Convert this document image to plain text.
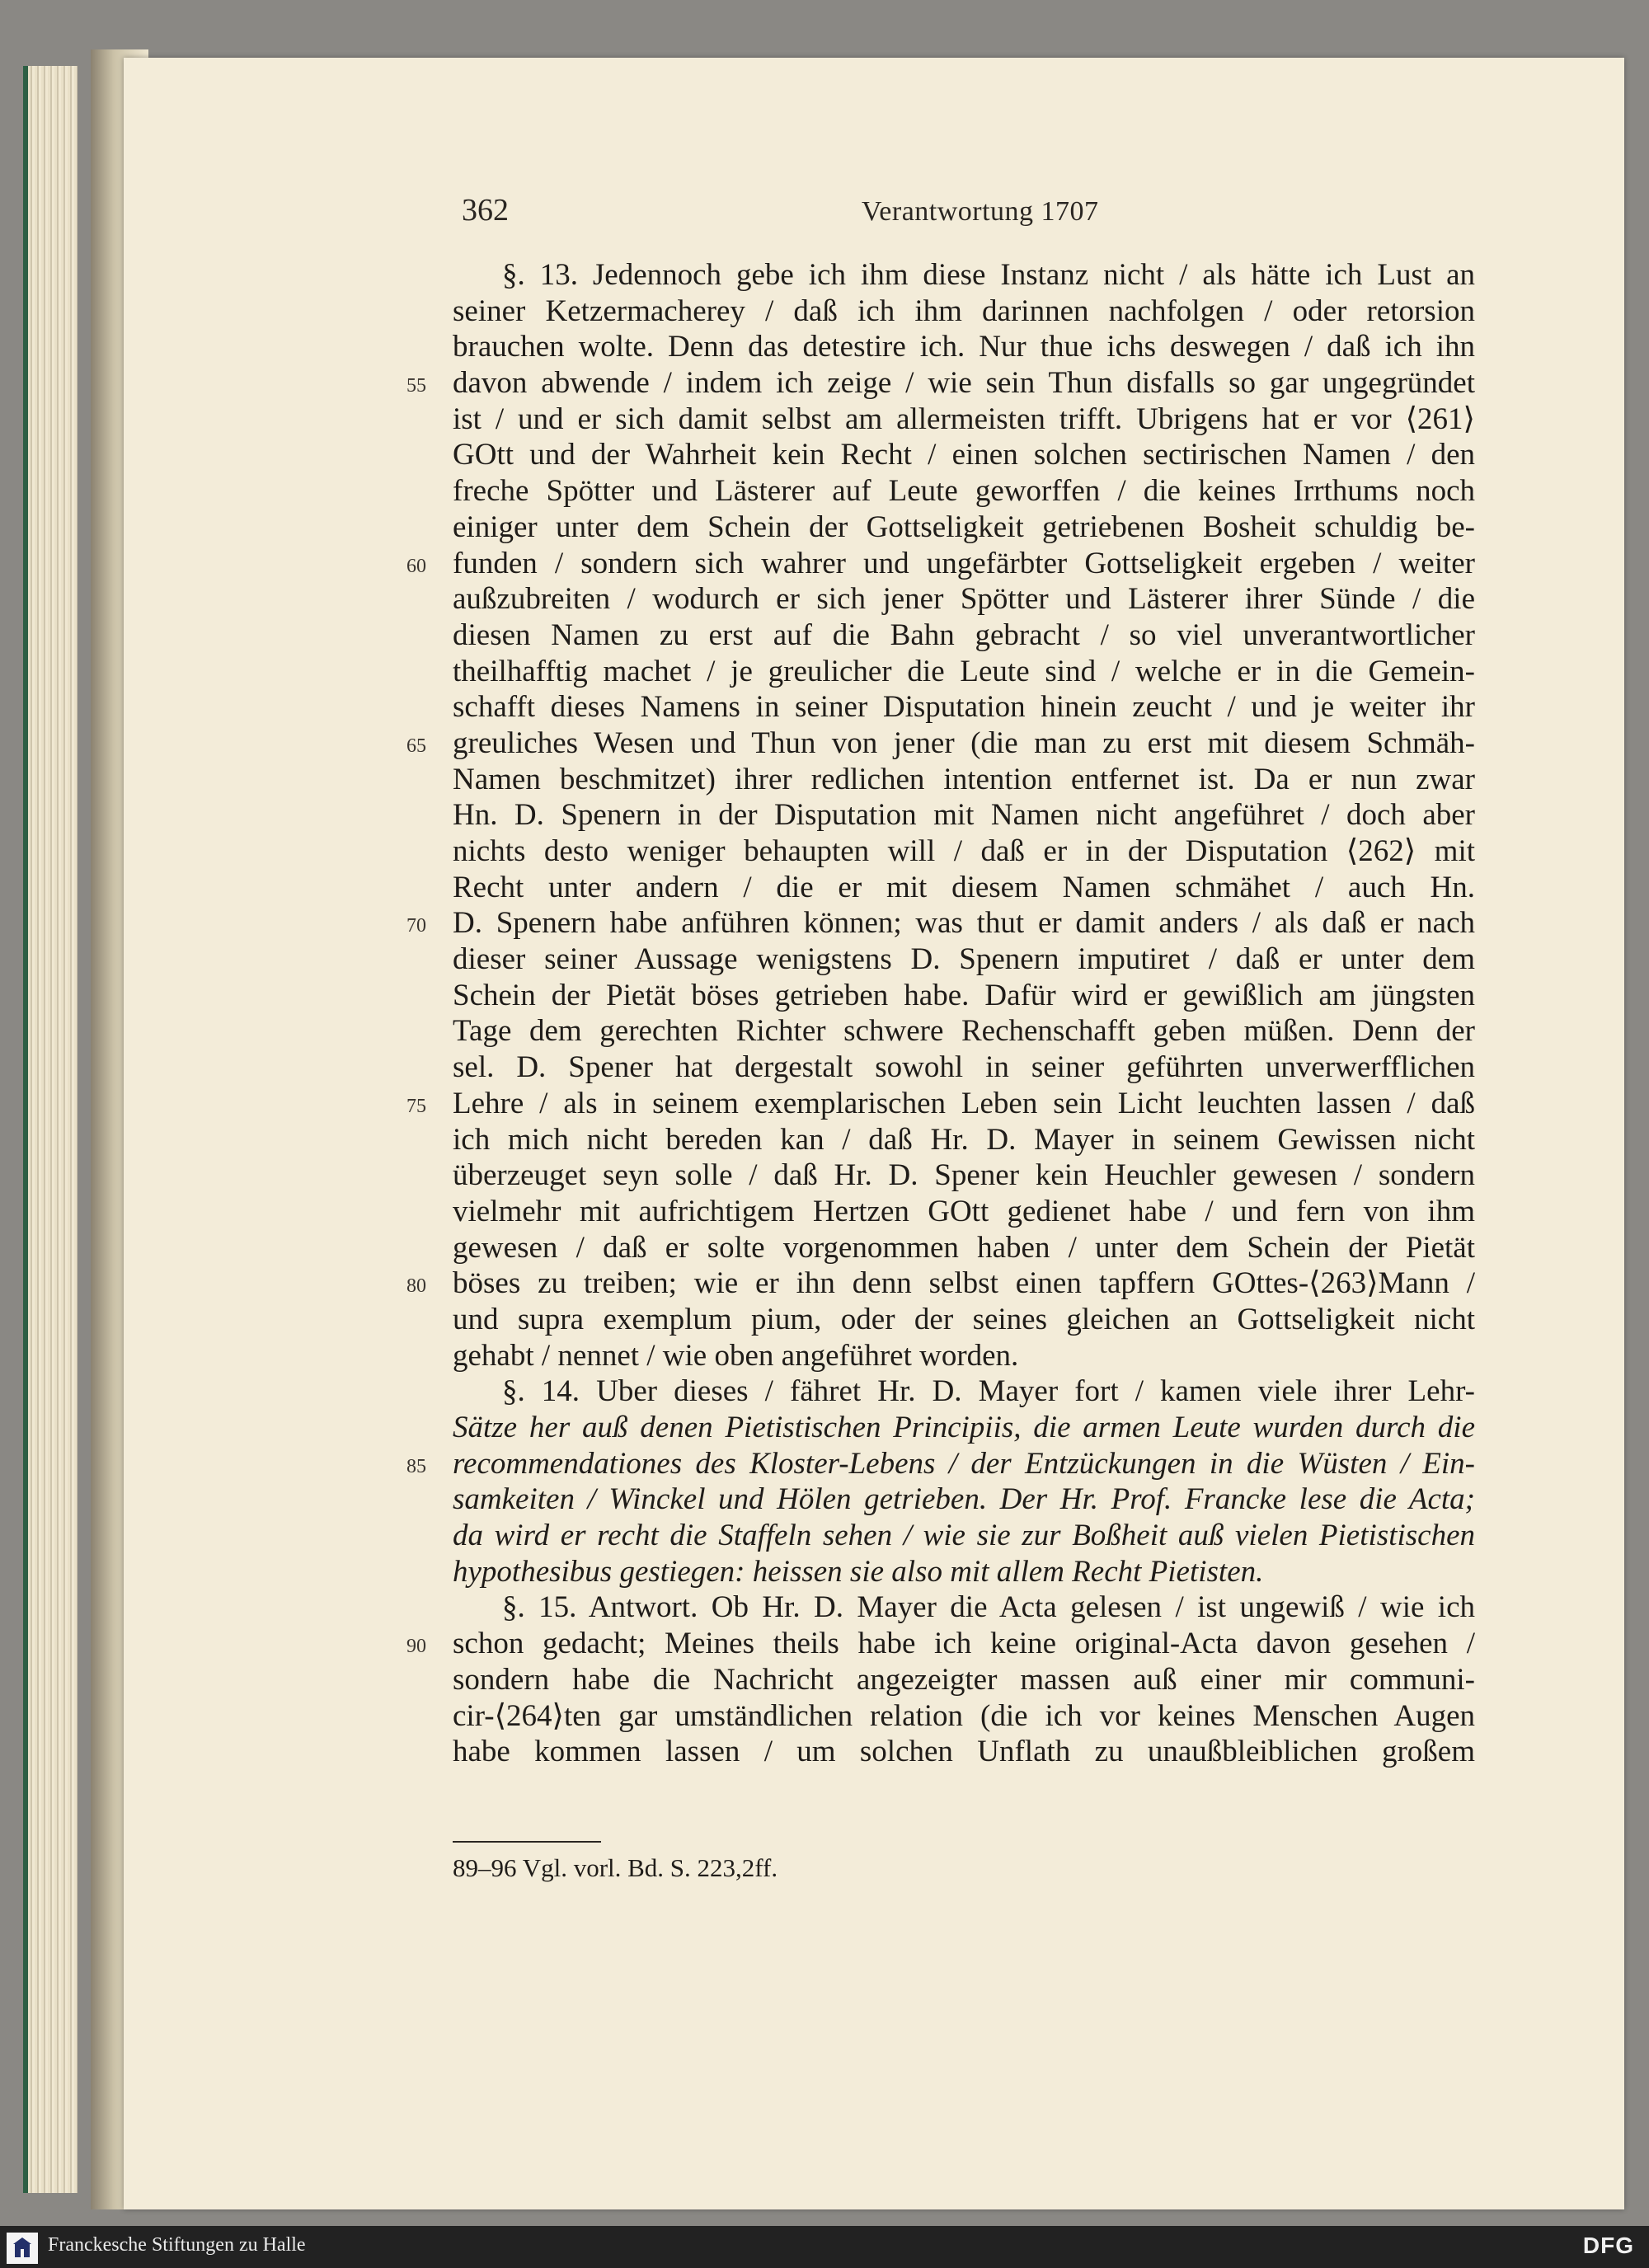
362	Verantwortung 1707
§. 13. Jedennoch gebe ich ihm diese Instanz nicht / als hätte ich Lust an
seiner Ketzermacherey / daß ich ihm darinnen nachfolgen / oder retorsion
brauchen wolte. Denn das detestire ich. Nur thue ichs deswegen / daß ich ihn
davon abwende / indem ich zeige / wie sein Thun disfalls so gar ungegründet
55
ist / und er sich damit selbst am allermeisten trifft. Ubrigens hat er vor ⟨261⟩
GOtt und der Wahrheit kein Recht / einen solchen sectirischen Namen / den
freche Spötter und Lästerer auf Leute geworffen / die keines Irrthums noch
einiger unter dem Schein der Gottseligkeit getriebenen Bosheit schuldig be-
funden / sondern sich wahrer und ungefärbter Gottseligkeit ergeben / weiter
60
außzubreiten / wodurch er sich jener Spötter und Lästerer ihrer Sünde / die
diesen Namen zu erst auf die Bahn gebracht / so viel unverantwortlicher
theilhafftig machet / je greulicher die Leute sind / welche er in die Gemein-
schafft dieses Namens in seiner Disputation hinein zeucht / und je weiter ihr
greuliches Wesen und Thun von jener (die man zu erst mit diesem Schmäh-
65
Namen beschmitzet) ihrer redlichen intention entfernet ist. Da er nun zwar
Hn. D. Spenern in der Disputation mit Namen nicht angeführet / doch aber
nichts desto weniger behaupten will / daß er in der Disputation ⟨262⟩ mit
Recht unter andern / die er mit diesem Namen schmähet / auch Hn.
D. Spenern habe anführen können; was thut er damit anders / als daß er nach
70
dieser seiner Aussage wenigstens D. Spenern imputiret / daß er unter dem
Schein der Pietät böses getrieben habe. Dafür wird er gewißlich am jüngsten
Tage dem gerechten Richter schwere Rechenschafft geben müßen. Denn der
sel. D. Spener hat dergestalt sowohl in seiner geführten unverwerfflichen
Lehre / als in seinem exemplarischen Leben sein Licht leuchten lassen / daß
75
ich mich nicht bereden kan / daß Hr. D. Mayer in seinem Gewissen nicht
überzeuget seyn solle / daß Hr. D. Spener kein Heuchler gewesen / sondern
vielmehr mit aufrichtigem Hertzen GOtt gedienet habe / und fern von ihm
gewesen / daß er solte vorgenommen haben / unter dem Schein der Pietät
böses zu treiben; wie er ihn denn selbst einen tapffern GOttes-⟨263⟩Mann /
80
und supra exemplum pium, oder der seines gleichen an Gottseligkeit nicht
gehabt / nennet / wie oben angeführet worden.
§. 14. Uber dieses / fähret Hr. D. Mayer fort / kamen viele ihrer Lehr-
Sätze her auß denen Pietistischen Principiis, die armen Leute wurden durch die
recommendationes des Kloster-Lebens / der Entzückungen in die Wüsten / Ein-
85
samkeiten / Winckel und Hölen getrieben. Der Hr. Prof. Francke lese die Acta;
da wird er recht die Staffeln sehen / wie sie zur Boßheit auß vielen Pietistischen
hypothesibus gestiegen: heissen sie also mit allem Recht Pietisten.
§. 15. Antwort. Ob Hr. D. Mayer die Acta gelesen / ist ungewiß / wie ich
schon gedacht; Meines theils habe ich keine original-Acta davon gesehen /
90
sondern habe die Nachricht angezeigter massen auß einer mir communi-
cir-⟨264⟩ten gar umständlichen relation (die ich vor keines Menschen Augen
habe kommen lassen / um solchen Unflath zu unaußbleiblichen großem
89–96 Vgl. vorl. Bd. S. 223,2ff.
Franckesche Stiftungen zu Halle	DFG
